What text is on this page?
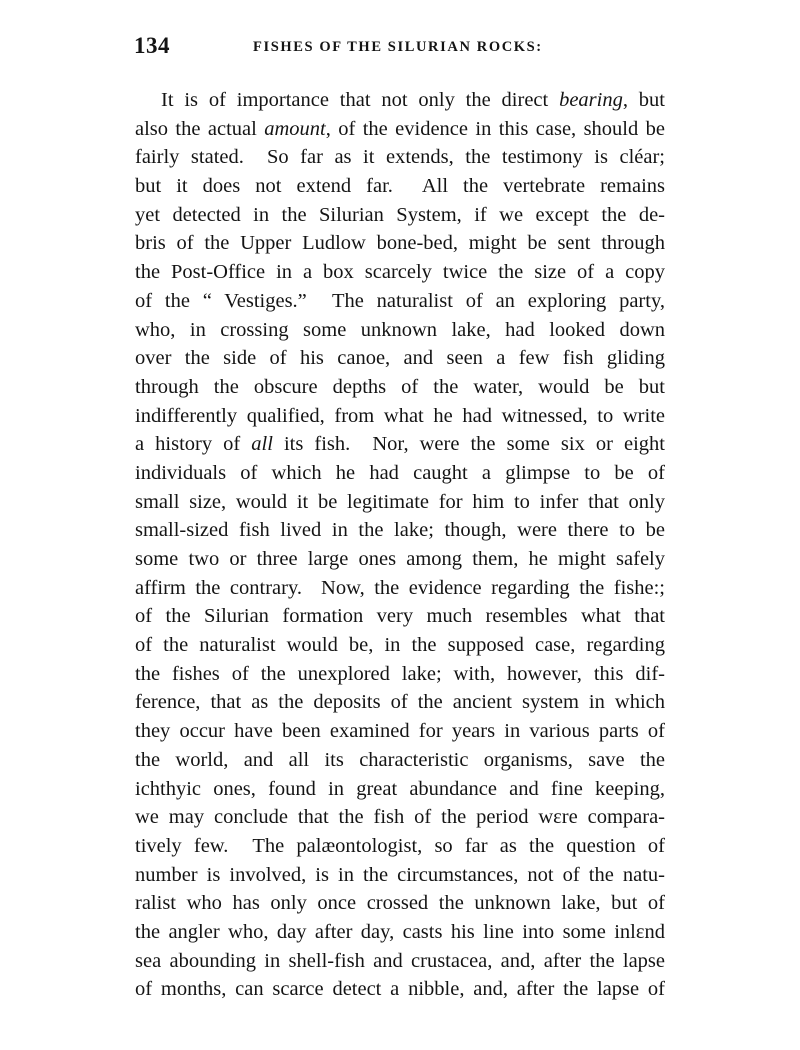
134	FISHES OF THE SILURIAN ROCKS:
It is of importance that not only the direct bearing, but
also the actual amount, of the evidence in this case, should be
fairly stated.  So far as it extends, the testimony is cléar;
but it does not extend far.  All the vertebrate remains
yet detected in the Silurian System, if we except the de-
bris of the Upper Ludlow bone-bed, might be sent through
the Post-Office in a box scarcely twice the size of a copy
of the “ Vestiges.”  The naturalist of an exploring party,
who, in crossing some unknown lake, had looked down
over the side of his canoe, and seen a few fish gliding
through the obscure depths of the water, would be but
indifferently qualified, from what he had witnessed, to write
a history of all its fish.  Nor, were the some six or eight
individuals of which he had caught a glimpse to be of
small size, would it be legitimate for him to infer that only
small-sized fish lived in the lake; though, were there to be
some two or three large ones among them, he might safely
affirm the contrary.  Now, the evidence regarding the fishe:;
of the Silurian formation very much resembles what that
of the naturalist would be, in the supposed case, regarding
the fishes of the unexplored lake; with, however, this dif-
ference, that as the deposits of the ancient system in which
they occur have been examined for years in various parts of
the world, and all its characteristic organisms, save the
ichthyic ones, found in great abundance and fine keeping,
we may conclude that the fish of the period wεre compara-
tively few.  The palæontologist, so far as the question of
number is involved, is in the circumstances, not of the natu-
ralist who has only once crossed the unknown lake, but of
the angler who, day after day, casts his line into some inlεnd
sea abounding in shell-fish and crustacea, and, after the lapse
of months, can scarce detect a nibble, and, after the lapse of
